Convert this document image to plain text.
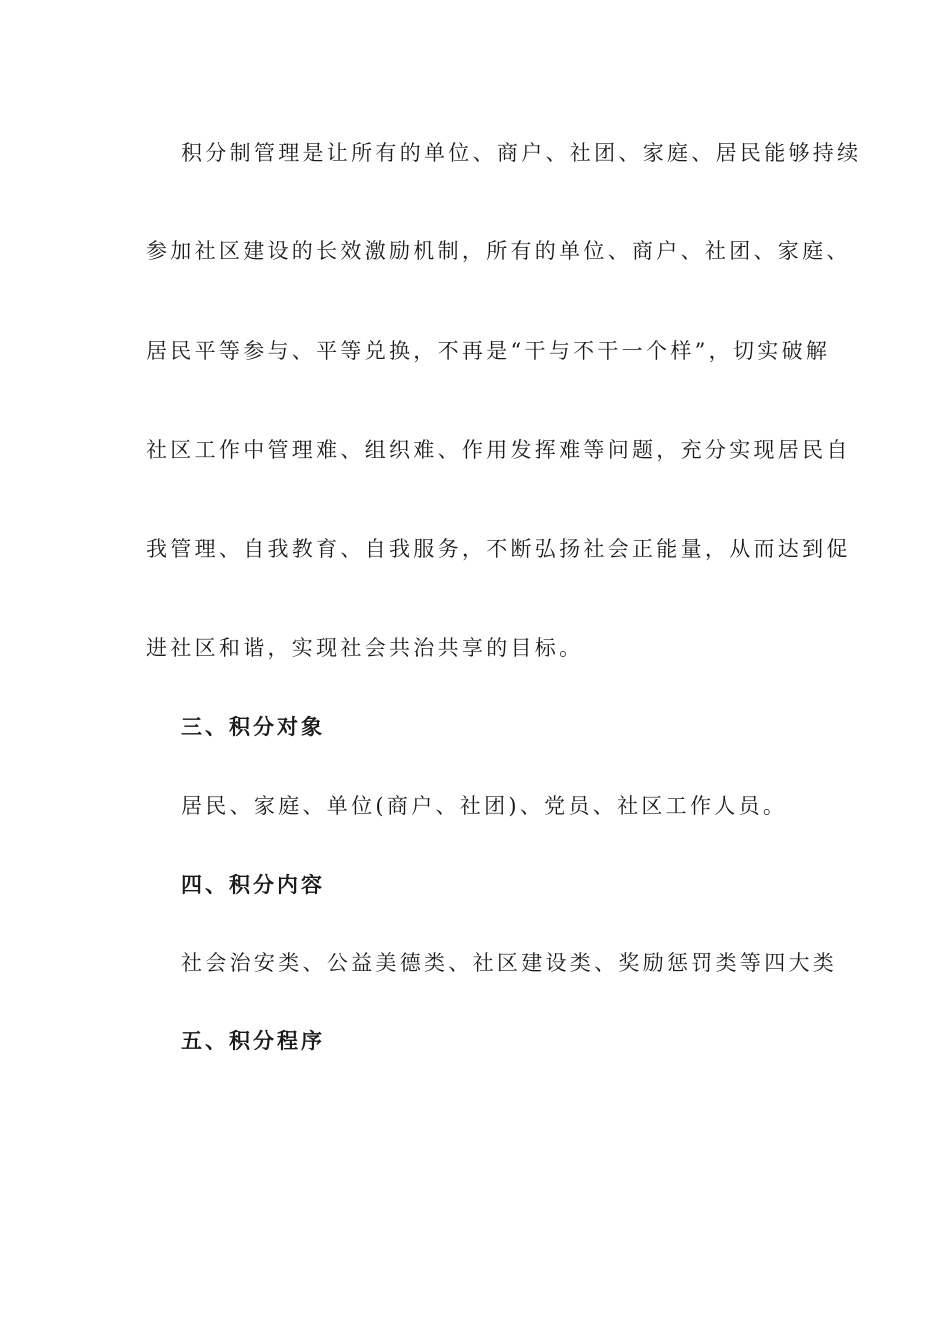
积分制管理是让所有的单位、商户、社团、家庭、居民能够持续
参加社区建设的长效激励机制，所有的单位、商户、社团、家庭、
居民平等参与、平等兑换，不再是“干与不干一个样”，切实破解
社区工作中管理难、组织难、作用发挥难等问题，充分实现居民自
我管理、自我教育、自我服务，不断弘扬社会正能量，从而达到促
进社区和谐，实现社会共治共享的目标。
三、积分对象
居民、家庭、单位(商户、社团)、党员、社区工作人员。
四、积分内容
社会治安类、公益美德类、社区建设类、奖励惩罚类等四大类
五、积分程序
